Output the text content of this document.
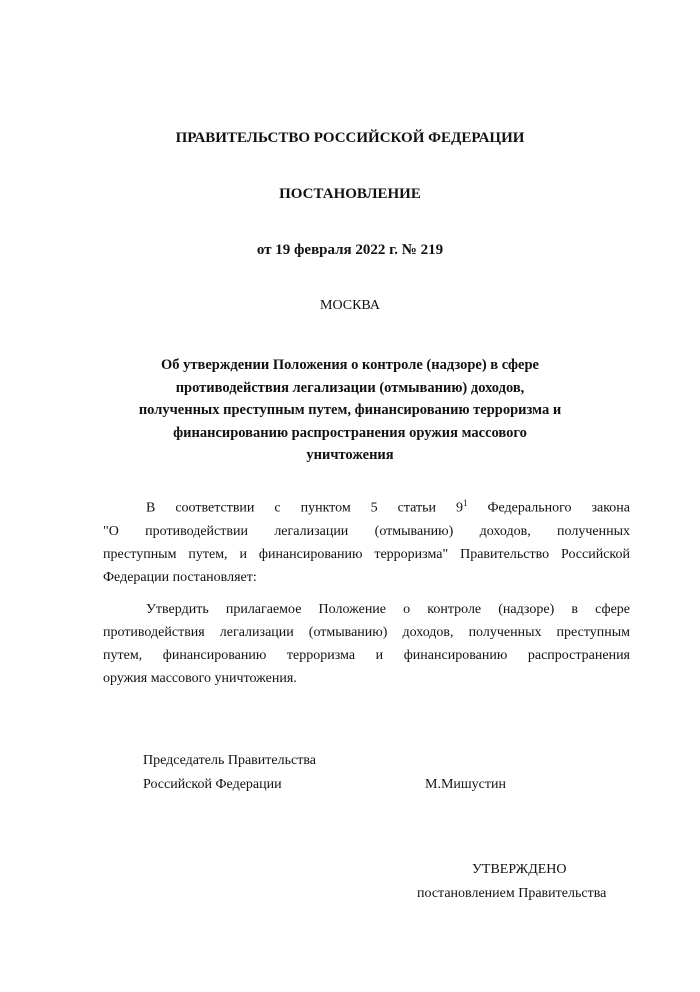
ПРАВИТЕЛЬСТВО РОССИЙСКОЙ ФЕДЕРАЦИИ
ПОСТАНОВЛЕНИЕ
от 19 февраля 2022 г. № 219
МОСКВА
Об утверждении Положения о контроле (надзоре) в сфере
противодействия легализации (отмыванию) доходов,
полученных преступным путем, финансированию терроризма и
финансированию распространения оружия массового
уничтожения
В соответствии с пунктом 5 статьи $9^1$ Федерального закона
"О противодействии легализации (отмыванию) доходов, полученных
преступным путем, и финансированию терроризма" Правительство Российской
Федерации постановляет:
Утвердить прилагаемое Положение о контроле (надзоре) в сфере
противодействия легализации (отмыванию) доходов, полученных преступным
путем, финансированию терроризма и финансированию распространения
оружия массового уничтожения.
Председатель Правительства
Российской Федерации	М.Мишустин
УТВЕРЖДЕНО
постановлением Правительства
